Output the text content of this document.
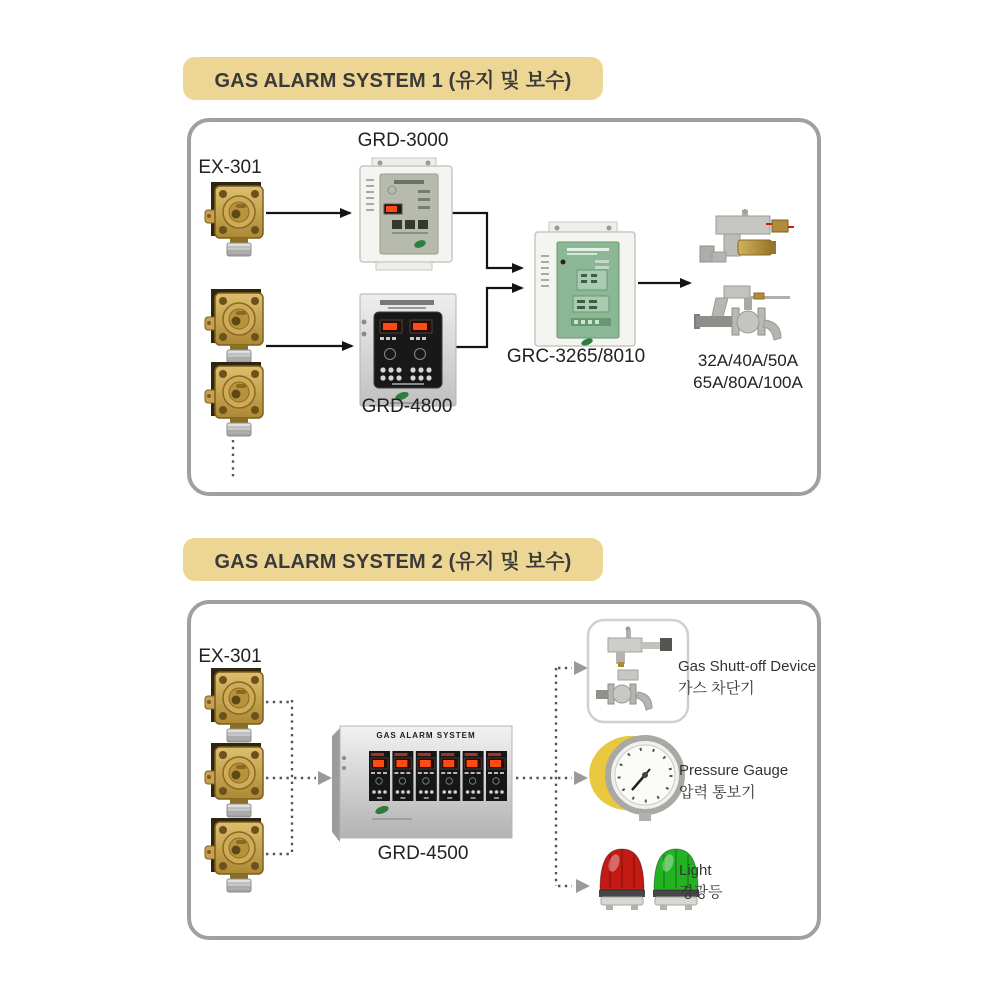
GAS ALARM SYSTEM 1 (유지 및 보수)
GAS ALARM SYSTEM 2 (유지 및 보수)
EX-301
GRD-3000
GRD-4800
GRC-3265/8010	32A/40A/50A
65A/80A/100A
EX-301
GRD-4500
GAS ALARM SYSTEM
Gas Shutt-off Device
가스 차단기
Pressure Gauge
압력 통보기
Light
경광등
